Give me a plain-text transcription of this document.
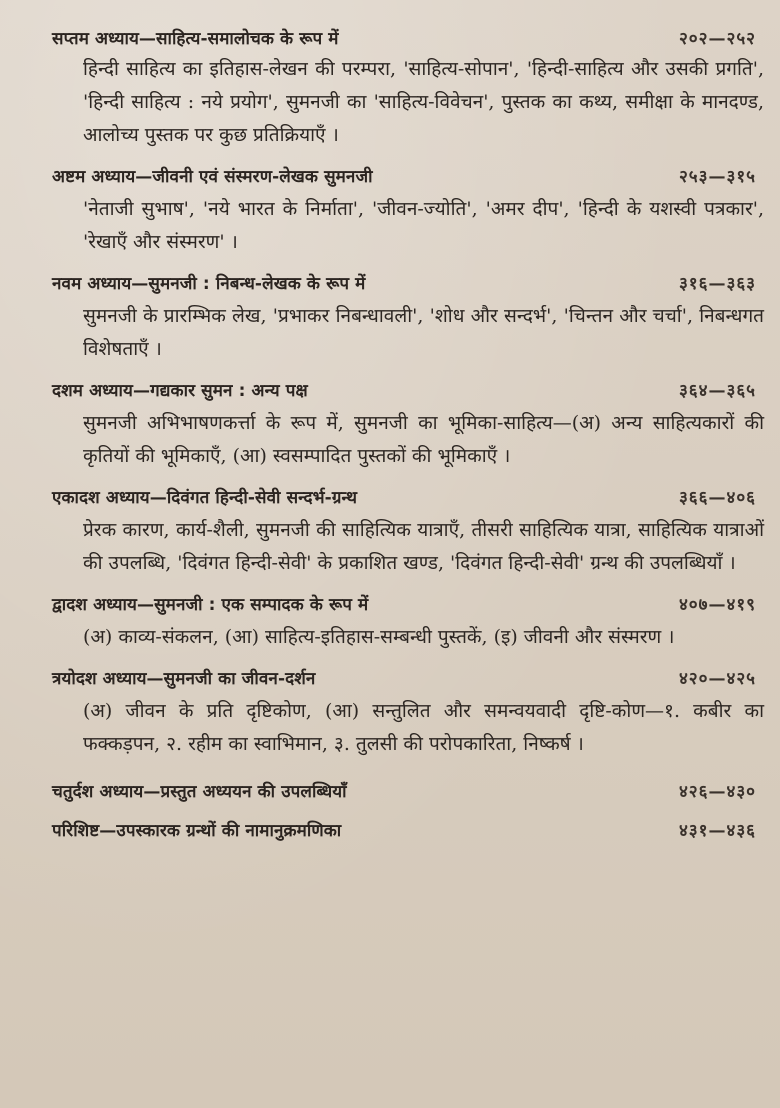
सप्तम अध्याय—साहित्य-समालोचक के रूप में	२०२—२५२

हिन्दी साहित्य का इतिहास-लेखन की परम्परा, 'साहित्य-सोपान', 'हिन्दी-साहित्य और उसकी प्रगति', 'हिन्दी साहित्य : नये प्रयोग', सुमनजी का 'साहित्य-विवेचन', पुस्तक का कथ्य, समीक्षा के मानदण्ड, आलोच्य पुस्तक पर कुछ प्रतिक्रियाएँ ।

अष्टम अध्याय—जीवनी एवं संस्मरण-लेखक सुमनजी	२५३—३१५

'नेताजी सुभाष', 'नये भारत के निर्माता', 'जीवन-ज्योति', 'अमर दीप', 'हिन्दी के यशस्वी पत्रकार', 'रेखाएँ और संस्मरण' ।

नवम अध्याय—सुमनजी : निबन्ध-लेखक के रूप में	३१६—३६३

सुमनजी के प्रारम्भिक लेख, 'प्रभाकर निबन्धावली', 'शोध और सन्दर्भ', 'चिन्तन और चर्चा', निबन्धगत विशेषताएँ ।

दशम अध्याय—गद्यकार सुमन : अन्य पक्ष	३६४—३६५

सुमनजी अभिभाषणकर्त्ता के रूप में, सुमनजी का भूमिका-साहित्य—(अ) अन्य साहित्यकारों की कृतियों की भूमिकाएँ, (आ) स्वसम्पादित पुस्तकों की भूमिकाएँ ।

एकादश अध्याय—दिवंगत हिन्दी-सेवी सन्दर्भ-ग्रन्थ	३६६—४०६

प्रेरक कारण, कार्य-शैली, सुमनजी की साहित्यिक यात्राएँ, तीसरी साहित्यिक यात्रा, साहित्यिक यात्राओं की उपलब्धि, 'दिवंगत हिन्दी-सेवी' के प्रकाशित खण्ड, 'दिवंगत हिन्दी-सेवी' ग्रन्थ की उपलब्धियाँ ।

द्वादश अध्याय—सुमनजी : एक सम्पादक के रूप में	४०७—४१९

(अ) काव्य-संकलन, (आ) साहित्य-इतिहास-सम्बन्धी पुस्तकें, (इ) जीवनी और संस्मरण ।

त्रयोदश अध्याय—सुमनजी का जीवन-दर्शन	४२०—४२५

(अ) जीवन के प्रति दृष्टिकोण, (आ) सन्तुलित और समन्वयवादी दृष्टि-कोण—१. कबीर का फक्कड़पन, २. रहीम का स्वाभिमान, ३. तुलसी की परोपकारिता, निष्कर्ष ।

चतुर्दश अध्याय—प्रस्तुत अध्ययन की उपलब्धियाँ	४२६—४३०
परिशिष्ट—उपस्कारक ग्रन्थों की नामानुक्रमणिका	४३१—४३६
